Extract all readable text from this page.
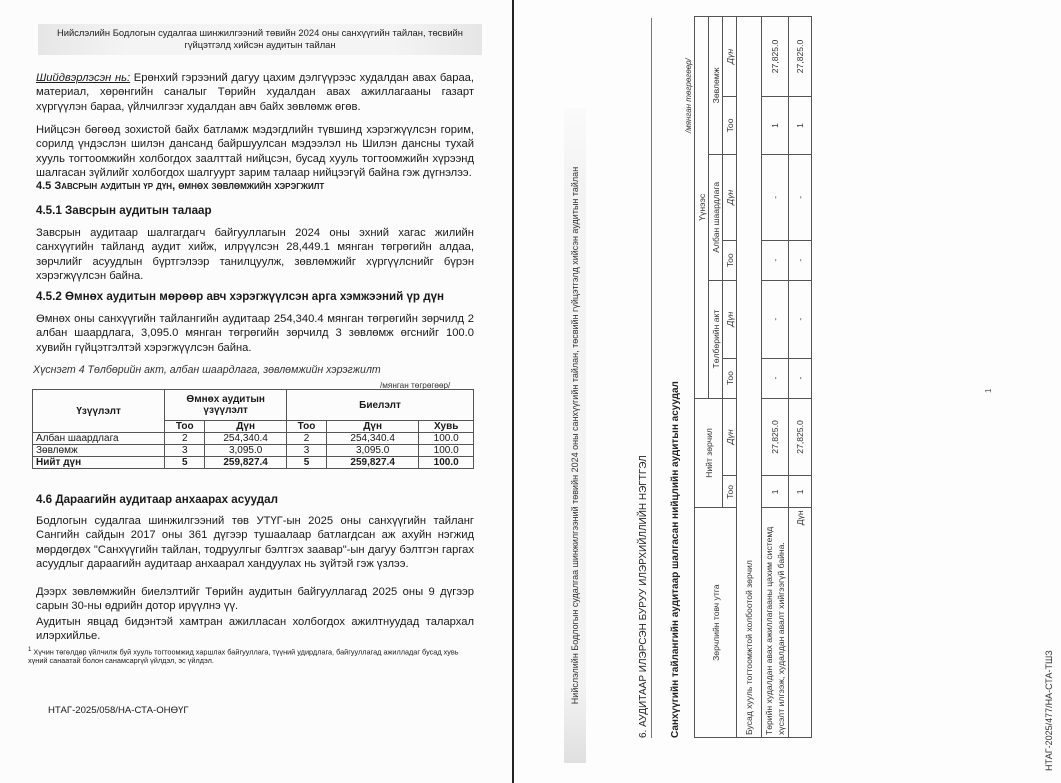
Нийслэлийн Бодлогын судалгаа шинжилгээний төвийн 2024 оны санхүүгийн тайлан, төсвийн гүйцэтгэлд хийсэн аудитын тайлан
Шийдвэрлэсэн нь: Ерөнхий гэрээний дагуу цахим дэлгүүрээс худалдан авах бараа, материал, хөрөнгийн саналыг Төрийн худалдан авах ажиллагааны газарт хүргүүлэн бараа, үйлчилгээг худалдан авч байх зөвлөмж өгөв.
Нийцсэн бөгөөд зохистой байх батламж мэдэгдлийн түвшинд хэрэгжүүлсэн горим, сорилд үндэслэн шилэн дансанд байршуулсан мэдээлэл нь Шилэн дансны тухай хууль тогтоомжийн холбогдох заалттай нийцсэн, бусад хууль тогтоомжийн хүрээнд шалгасан зүйлийг холбогдох шалгуурт зарим талаар нийцээгүй байна гэж дүгнэлээ.
4.5 Завсрын аудитын үр дүн, өмнөх зөвлөмжийн хэрэгжилт
4.5.1 Завсрын аудитын талаар
Завсрын аудитаар шалгагдагч байгууллагын 2024 оны эхний хагас жилийн санхүүгийн тайланд аудит хийж, илрүүлсэн 28,449.1 мянган төгрөгийн алдаа, зөрчлийг асуудлын бүртгэлээр танилцуулж, зөвлөмжийг хүргүүлснийг бүрэн хэрэгжүүлсэн байна.
4.5.2 Өмнөх аудитын мөрөөр авч хэрэгжүүлсэн арга хэмжээний үр дүн
Өмнөх оны санхүүгийн тайлангийн аудитаар 254,340.4 мянган төгрөгийн зөрчилд 2 албан шаардлага, 3,095.0 мянган төгрөгийн зөрчилд 3 зөвлөмж өгснийг 100.0 хувийн гүйцэтгэлтэй хэрэгжүүлсэн байна.
Хүснэгт 4 Төлбөрийн акт, албан шаардлага, зөвлөмжийн хэрэгжилт
/мянган төгрөгөөр/
Үзүүлэлт	Өмнөх аудитын үзүүлэлт		Биелэлт		
	Тоо	Дүн	Тоо	Дүн	Хувь
Албан шаардлага	2	254,340.4	2	254,340.4	100.0
Зөвлөмж	3	3,095.0	3	3,095.0	100.0
Нийт дүн	5	259,827.4	5	259,827.4	100.0
4.6 Дараагийн аудитаар анхаарах асуудал
Бодлогын судалгаа шинжилгээний төв УТҮГ-ын 2025 оны санхүүгийн тайланг Сангийн сайдын 2017 оны 361 дүгээр тушаалаар батлагдсан аж ахуйн нэгжид мөрдөгдөх "Санхүүгийн тайлан, тодруулгыг бэлтгэх заавар"-ын дагуу бэлтгэн гаргах асуудлыг дараагийн аудитаар анхаарал хандуулах нь зүйтэй гэж үзлээ.
Дээрх зөвлөмжийн биелэлтийг Төрийн аудитын байгууллагад 2025 оны 9 дүгээр сарын 30-ны өдрийн дотор ирүүлнэ үү.
Аудитын явцад бидэнтэй хамтран ажилласан холбогдох ажилтнуудад талархал илэрхийлье.
$^1$ Хүчин төгөлдөр үйлчилж буй хууль тогтоомжид харшлах байгууллага, түүний удирдлага, байгууллагад ажилладаг бусад хувь хүний санаатай болон санамсаргүй үйлдэл, эс үйлдэл.
НТАГ-2025/058/НА-СТА-ОНӨҮГ
Нийслэлийн Бодлогын судалгаа шинжилгээний төвийн 2024 оны санхүүгийн тайлан, төсвийн гүйцэтгэлд хийсэн аудитын тайлан	6. АУДИТААР ИЛЭРСЭН БУРУУ ИЛЭРХИЙЛЛИЙН НЭГТГЭЛ	Санхүүгийн тайлангийн аудитаар шалгасан нийцлийн аудитын асуудал
/мянган төгрөгөөр/
Зөрчлийн товч утга	Нийт зөрчил		Үүнээс					
			Төлбөрийн акт		Албан шаардлага		Зөвлөмж	
	Too	Дүн	Too	Дүн	Too	Дүн	Too	Дүн
Бусад хууль тогтоомжтой холбоотой зөрчил								
Төрийн худалдан авах ажиллагааны цахим системд хүсэлт илгээж, худалдан авалт хийгээгүй байна.	1	27,825.0	-	-	-	-	1	27,825.0
Дүн	1	27,825.0	-	-	-	-	1	27,825.0
1
НТАГ-2025/477/НА-СТА-ТШЗ
